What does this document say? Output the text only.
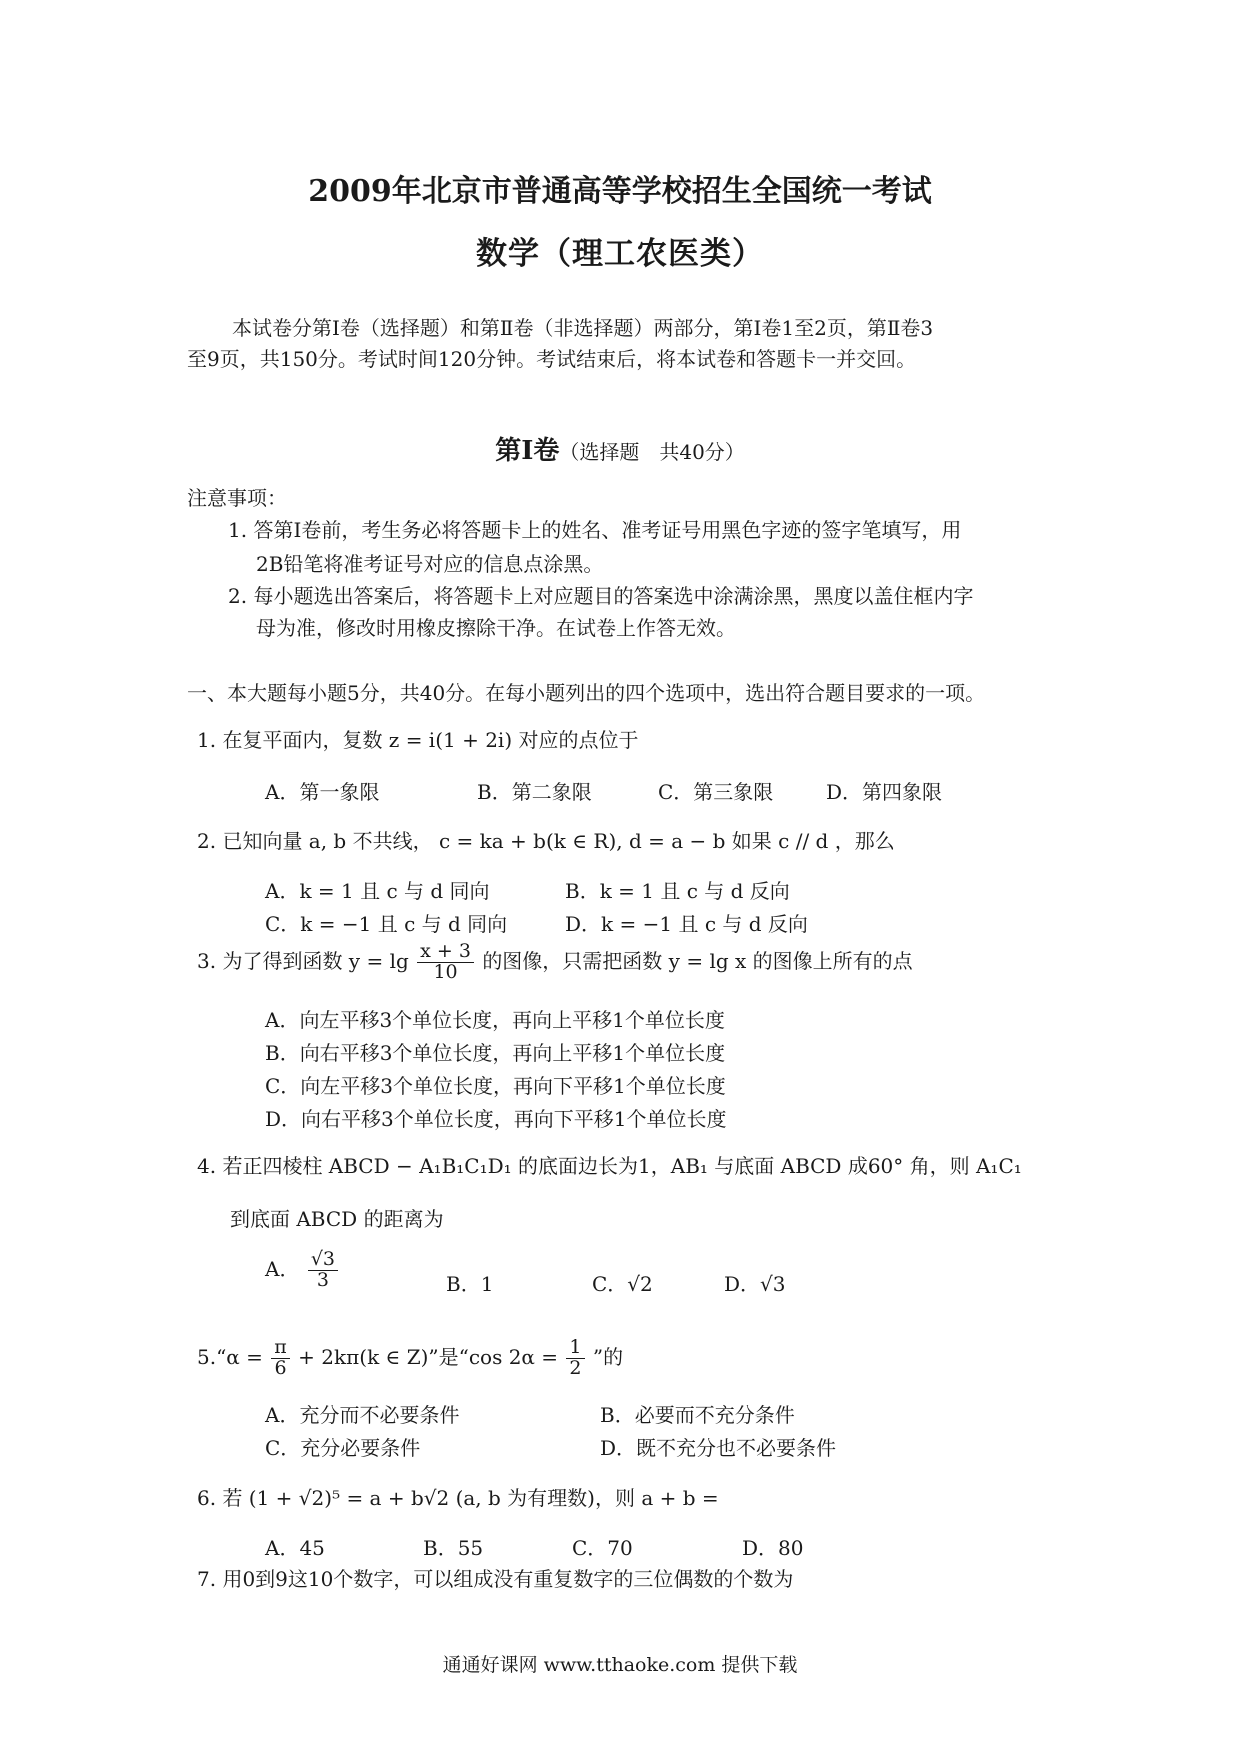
2009年北京市普通高等学校招生全国统一考试
数学（理工农医类）
本试卷分第Ⅰ卷（选择题）和第Ⅱ卷（非选择题）两部分，第Ⅰ卷1至2页，第Ⅱ卷3
至9页，共150分。考试时间120分钟。考试结束后，将本试卷和答题卡一并交回。
第Ⅰ卷（选择题　共40分）
注意事项：
1. 答第Ⅰ卷前，考生务必将答题卡上的姓名、准考证号用黑色字迹的签字笔填写，用
2B铅笔将准考证号对应的信息点涂黑。
2. 每小题选出答案后，将答题卡上对应题目的答案选中涂满涂黑，黑度以盖住框内字
母为准，修改时用橡皮擦除干净。在试卷上作答无效。
一、本大题每小题5分，共40分。在每小题列出的四个选项中，选出符合题目要求的一项。
1. 在复平面内，复数 z = i(1 + 2i) 对应的点位于
A．第一象限	B．第二象限	C．第三象限	D．第四象限
2. 已知向量 a, b 不共线， c = ka + b(k ∈ R), d = a − b 如果 c // d ，那么
A．k = 1 且 c 与 d 同向	B．k = 1 且 c 与 d 反向
C．k = −1 且 c 与 d 同向	D．k = −1 且 c 与 d 反向
3. 为了得到函数 $y = \lg \frac{x + 3}{10}$ 的图像，只需把函数 y = lg x 的图像上所有的点
A．向左平移3个单位长度，再向上平移1个单位长度
B．向右平移3个单位长度，再向上平移1个单位长度
C．向左平移3个单位长度，再向下平移1个单位长度
D．向右平移3个单位长度，再向下平移1个单位长度
4. 若正四棱柱 ABCD − A₁B₁C₁D₁ 的底面边长为1，AB₁ 与底面 ABCD 成60° 角，则 A₁C₁
到底面 ABCD 的距离为
A． $\frac{√3}{3}$	B．1	C．√2	D．√3
5.“α = $\frac{\pi}{6} + 2k\pi(k$ ∈ Z)”是“cos $2\alpha = \frac{1}{2}$ ”的
A．充分而不必要条件	B．必要而不充分条件
C．充分必要条件	D．既不充分也不必要条件
6. 若 (1 + √2)⁵ = a + b√2 (a, b 为有理数)，则 a + b =
A．45	B．55	C．70	D．80
7. 用0到9这10个数字，可以组成没有重复数字的三位偶数的个数为
通通好课网 www.tthaoke.com 提供下载
